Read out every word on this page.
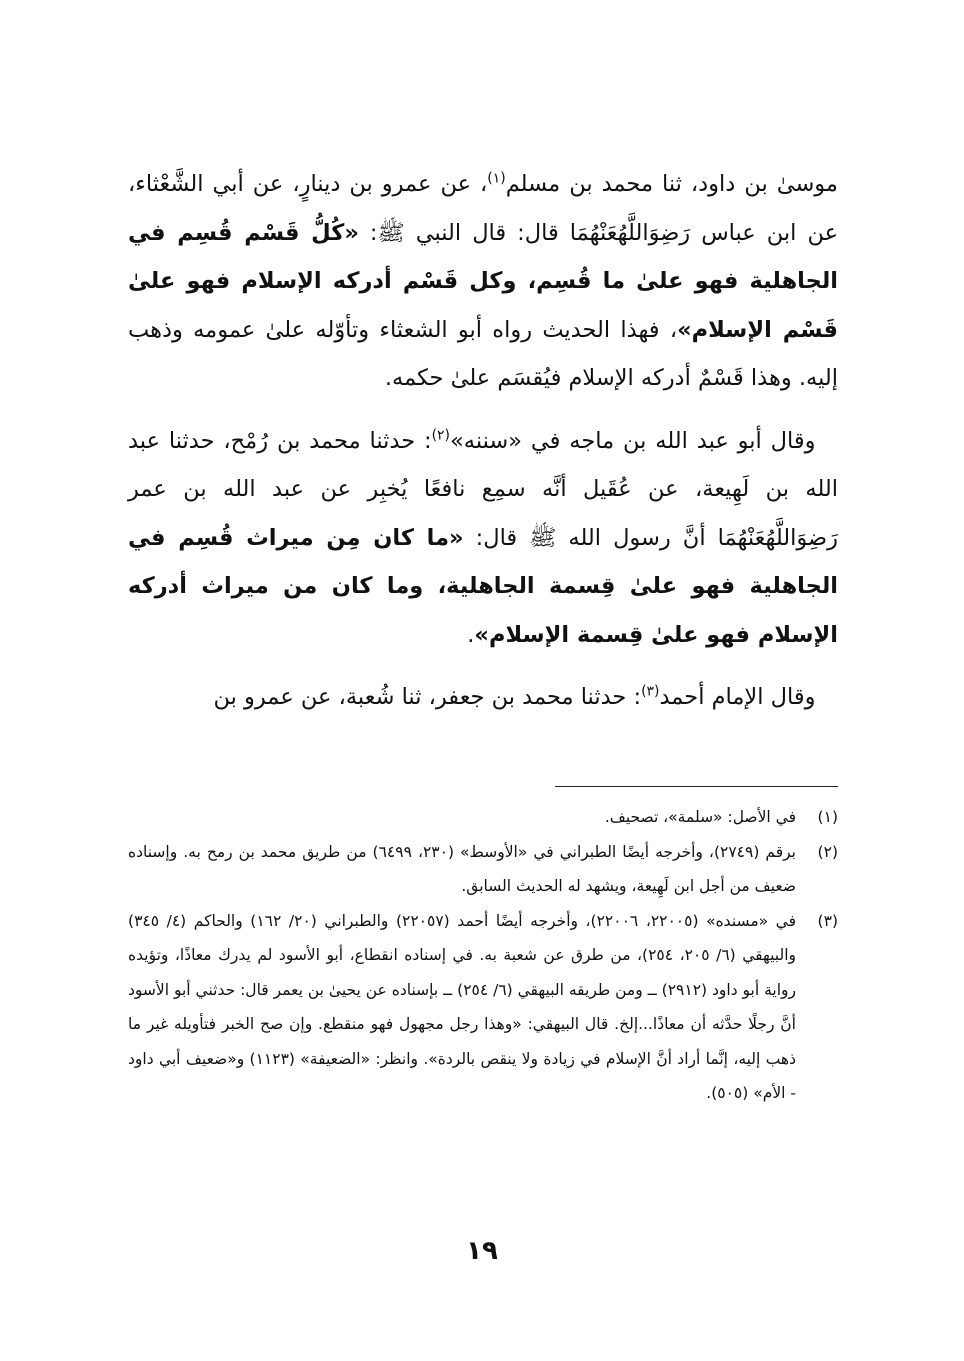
موسىٰ بن داود، ثنا محمد بن مسلم$^{(١)}$، عن عمرو بن دينارٍ، عن أبي الشَّعْثاء، عن ابن عباس رَضِوَاللَّهُعَنْهُمَا قال: قال النبي ﷺ: «كُلُّ قَسْم قُسِم في الجاهلية فهو علىٰ ما قُسِم، وكل قَسْم أدركه الإسلام فهو علىٰ قَسْم الإسلام»، فهذا الحديث رواه أبو الشعثاء وتأوّله علىٰ عمومه وذهب إليه. وهذا قَسْمٌ أدركه الإسلام فيُقسَم علىٰ حكمه.

 وقال أبو عبد الله بن ماجه في «سننه»$^{(٢)}$: حدثنا محمد بن رُمْح، حدثنا عبد الله بن لَهِيعة، عن عُقَيل أنَّه سمِع نافعًا يُخبِر عن عبد الله بن عمر رَضِوَاللَّهُعَنْهُمَا أنَّ رسول الله ﷺ قال: «ما كان مِن ميراث قُسِم في الجاهلية فهو علىٰ قِسمة الجاهلية، وما كان من ميراث أدركه الإسلام فهو علىٰ قِسمة الإسلام».

 وقال الإمام أحمد$^{(٣)}$: حدثنا محمد بن جعفر، ثنا شُعبة، عن عمرو بن

(١)
في الأصل: «سلمة»، تصحيف.
(٢)
برقم (٢٧٤٩)، وأخرجه أيضًا الطبراني في «الأوسط» (٢٣٠، ٦٤٩٩) من طريق محمد بن رمح به. وإسناده ضعيف من أجل ابن لَهِيعة، ويشهد له الحديث السابق.
(٣)
في «مسنده» (٢٢٠٠٥، ٢٢٠٠٦)، وأخرجه أيضًا أحمد (٢٢٠٥٧) والطبراني (٢٠/ ١٦٢) والحاكم (٤/ ٣٤٥) والبيهقي (٦/ ٢٠٥، ٢٥٤)، من طرق عن شعبة به. في إسناده انقطاع، أبو الأسود لم يدرك معاذًا، وتؤيده رواية أبو داود (٢٩١٢) ــ ومن طريقه البيهقي (٦/ ٢٥٤) ــ بإسناده عن يحيىٰ بن يعمر قال: حدثني أبو الأسود أنَّ رجلًا حدَّثه أن معاذًا...إلخ. قال البيهقي: «وهذا رجل مجهول فهو منقطع. وإن صح الخبر فتأويله غير ما ذهب إليه، إنَّما أراد أنَّ الإسلام في زيادة ولا ينقص بالردة». وانظر: «الضعيفة» (١١٢٣) و«ضعيف أبي داود - الأم» (٥٠٥).
١٩
